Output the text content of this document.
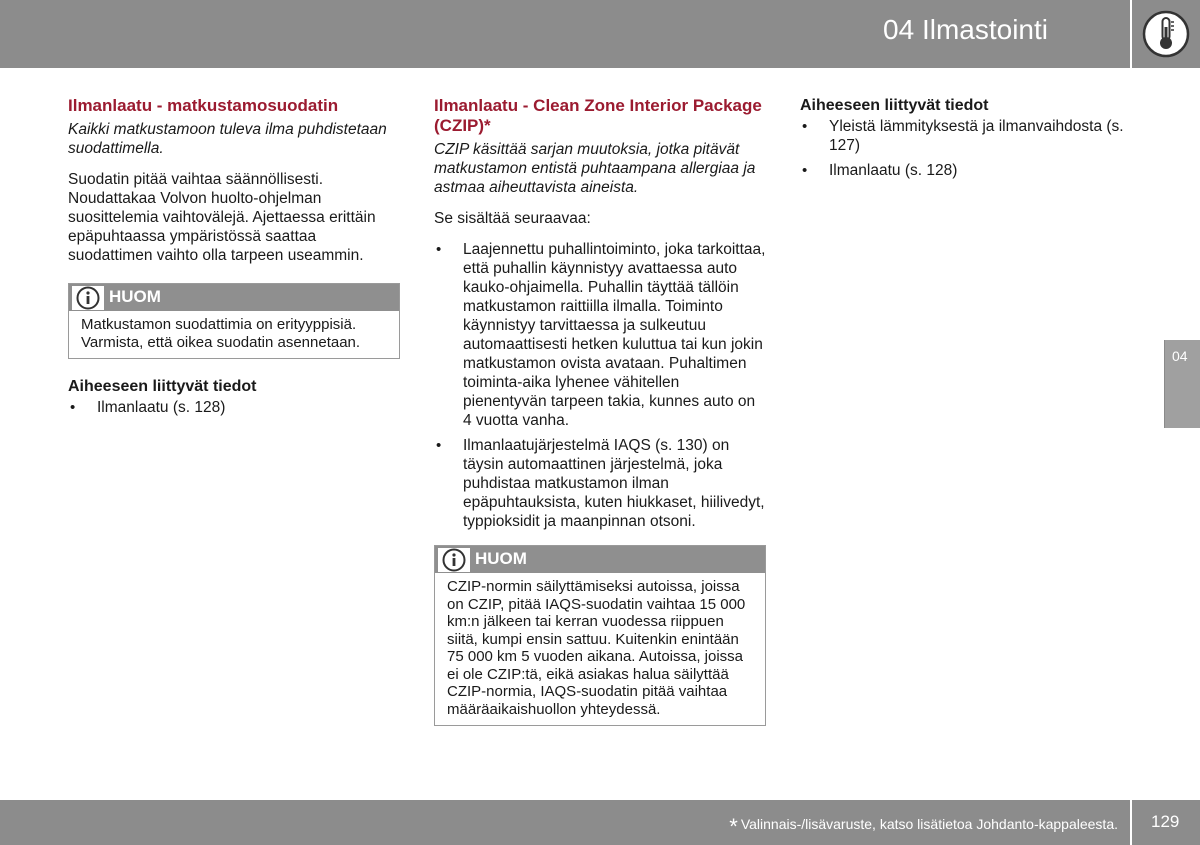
04 Ilmastointi
04
Ilmanlaatu - matkustamosuodatin

Kaikki matkustamoon tuleva ilma puhdistetaan suodattimella.

Suodatin pitää vaihtaa säännöllisesti. Noudattakaa Volvon huolto-ohjelman suosittelemia vaihtovälejä. Ajettaessa erittäin epäpuhtaassa ympäristössä saattaa suodattimen vaihto olla tarpeen useammin.

HUOM
Matkustamon suodattimia on erityyppisiä. Varmista, että oikea suodatin asennetaan.
Aiheeseen liittyvät tiedot
• Ilmanlaatu (s. 128)
Ilmanlaatu - Clean Zone Interior Package (CZIP)*

CZIP käsittää sarjan muutoksia, jotka pitävät matkustamon entistä puhtaampana allergiaa ja astmaa aiheuttavista aineista.

Se sisältää seuraavaa:

• Laajennettu puhallintoiminto, joka tarkoittaa, että puhallin käynnistyy avattaessa auto kauko-ohjaimella. Puhallin täyttää tällöin matkustamon raittiilla ilmalla. Toiminto käynnistyy tarvittaessa ja sulkeutuu automaattisesti hetken kuluttua tai kun jokin matkustamon ovista avataan. Puhaltimen toiminta-aika lyhenee vähitellen pienentyvän tarpeen takia, kunnes auto on 4 vuotta vanha.
• Ilmanlaatujärjestelmä IAQS (s. 130) on täysin automaattinen järjestelmä, joka puhdistaa matkustamon ilman epäpuhtauksista, kuten hiukkaset, hiilivedyt, typpioksidit ja maanpinnan otsoni.
HUOM
CZIP-normin säilyttämiseksi autoissa, joissa on CZIP, pitää IAQS-suodatin vaihtaa 15 000 km:n jälkeen tai kerran vuodessa riippuen siitä, kumpi ensin sattuu. Kuitenkin enintään 75 000 km 5 vuoden aikana. Autoissa, joissa ei ole CZIP:tä, eikä asiakas halua säilyttää CZIP-normia, IAQS-suodatin pitää vaihtaa määräaikaishuollon yhteydessä.
Aiheeseen liittyvät tiedot
• Yleistä lämmityksestä ja ilmanvaihdosta (s. 127)
• Ilmanlaatu (s. 128)
* Valinnais-/lisävaruste, katso lisätietoa Johdanto-kappaleesta. 129
